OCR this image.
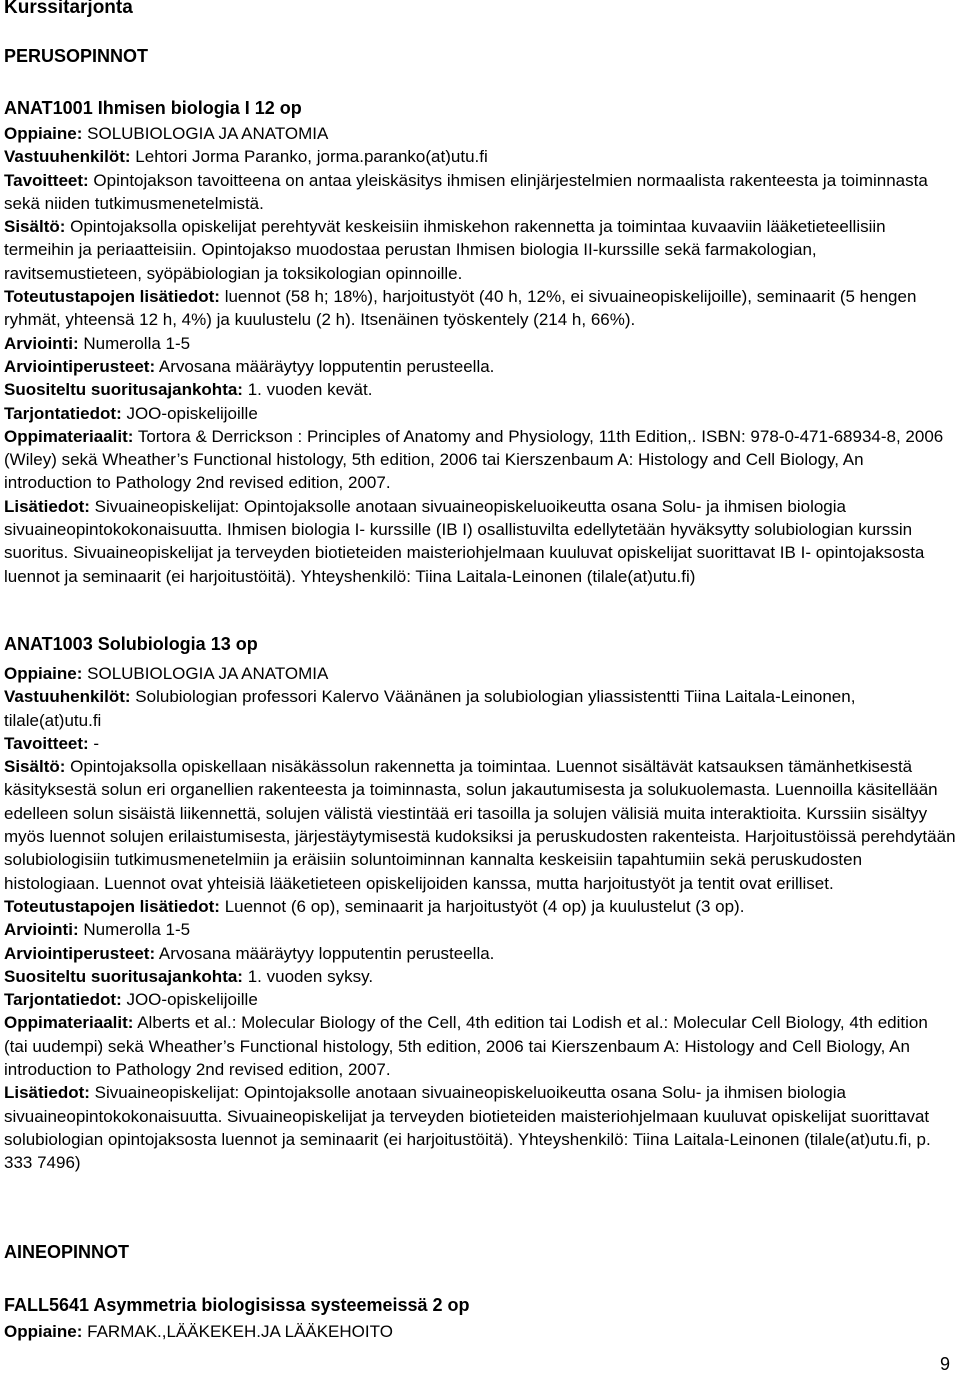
Kurssitarjonta
PERUSOPINNOT

ANAT1001 Ihmisen biologia I 12 op

Oppiaine: SOLUBIOLOGIA JA ANATOMIA

Vastuuhenkilöt: Lehtori Jorma Paranko, jorma.paranko(at)utu.fi

Tavoitteet: Opintojakson tavoitteena on antaa yleiskäsitys ihmisen elinjärjestelmien normaalista rakenteesta ja toiminnasta sekä niiden tutkimusmenetelmistä.

Sisältö: Opintojaksolla opiskelijat perehtyvät keskeisiin ihmiskehon rakennetta ja toimintaa kuvaaviin lääketieteellisiin termeihin ja periaatteisiin. Opintojakso muodostaa perustan Ihmisen biologia II-kurssille sekä farmakologian, ravitsemustieteen, syöpäbiologian ja toksikologian opinnoille.

Toteutustapojen lisätiedot: luennot (58 h; 18%), harjoitustyöt (40 h, 12%, ei sivuaineopiskelijoille), seminaarit (5 hengen ryhmät, yhteensä 12 h, 4%) ja kuulustelu (2 h). Itsenäinen työskentely (214 h, 66%).

Arviointi: Numerolla 1-5

Arviointiperusteet: Arvosana määräytyy lopputentin perusteella.

Suositeltu suoritusajankohta: 1. vuoden kevät.

Tarjontatiedot: JOO-opiskelijoille

Oppimateriaalit: Tortora & Derrickson : Principles of Anatomy and Physiology, 11th Edition,. ISBN: 978-0-471-68934-8, 2006 (Wiley) sekä Wheather’s Functional histology, 5th edition, 2006 tai Kierszenbaum A: Histology and Cell Biology, An introduction to Pathology 2nd revised edition, 2007.

Lisätiedot: Sivuaineopiskelijat: Opintojaksolle anotaan sivuaineopiskeluoikeutta osana Solu- ja ihmisen biologia sivuaineopintokokonaisuutta. Ihmisen biologia I- kurssille (IB I) osallistuvilta edellytetään hyväksytty solubiologian kurssin suoritus. Sivuaineopiskelijat ja terveyden biotieteiden maisteriohjelmaan kuuluvat opiskelijat suorittavat IB I- opintojaksosta luennot ja seminaarit (ei harjoitustöitä). Yhteyshenkilö: Tiina Laitala-Leinonen (tilale(at)utu.fi)

ANAT1003 Solubiologia 13 op

Oppiaine: SOLUBIOLOGIA JA ANATOMIA

Vastuuhenkilöt: Solubiologian professori Kalervo Väänänen ja solubiologian yliassistentti Tiina Laitala-Leinonen, tilale(at)utu.fi

Tavoitteet: -

Sisältö: Opintojaksolla opiskellaan nisäkässolun rakennetta ja toimintaa. Luennot sisältävät katsauksen tämänhetkisestä käsityksestä solun eri organellien rakenteesta ja toiminnasta, solun jakautumisesta ja solukuolemasta. Luennoilla käsitellään edelleen solun sisäistä liikennettä, solujen välistä viestintää eri tasoilla ja solujen välisiä muita interaktioita. Kurssiin sisältyy myös luennot solujen erilaistumisesta, järjestäytymisestä kudoksiksi ja peruskudosten rakenteista. Harjoitustöissä perehdytään solubiologisiin tutkimusmenetelmiin ja eräisiin soluntoiminnan kannalta keskeisiin tapahtumiin sekä peruskudosten histologiaan. Luennot ovat yhteisiä lääketieteen opiskelijoiden kanssa, mutta harjoitustyöt ja tentit ovat erilliset.

Toteutustapojen lisätiedot: Luennot (6 op), seminaarit ja harjoitustyöt (4 op) ja kuulustelut (3 op).

Arviointi: Numerolla 1-5

Arviointiperusteet: Arvosana määräytyy lopputentin perusteella.

Suositeltu suoritusajankohta: 1. vuoden syksy.

Tarjontatiedot: JOO-opiskelijoille

Oppimateriaalit: Alberts et al.: Molecular Biology of the Cell, 4th edition tai Lodish et al.: Molecular Cell Biology, 4th edition (tai uudempi) sekä Wheather’s Functional histology, 5th edition, 2006 tai Kierszenbaum A: Histology and Cell Biology, An introduction to Pathology 2nd revised edition, 2007.

Lisätiedot: Sivuaineopiskelijat: Opintojaksolle anotaan sivuaineopiskeluoikeutta osana Solu- ja ihmisen biologia sivuaineopintokokonaisuutta. Sivuaineopiskelijat ja terveyden biotieteiden maisteriohjelmaan kuuluvat opiskelijat suorittavat solubiologian opintojaksosta luennot ja seminaarit (ei harjoitustöitä). Yhteyshenkilö: Tiina Laitala-Leinonen (tilale(at)utu.fi, p. 333 7496)

AINEOPINNOT

FALL5641 Asymmetria biologisissa systeemeissä 2 op

Oppiaine: FARMAK.,LÄÄKEKEH.JA LÄÄKEHOITO

9
